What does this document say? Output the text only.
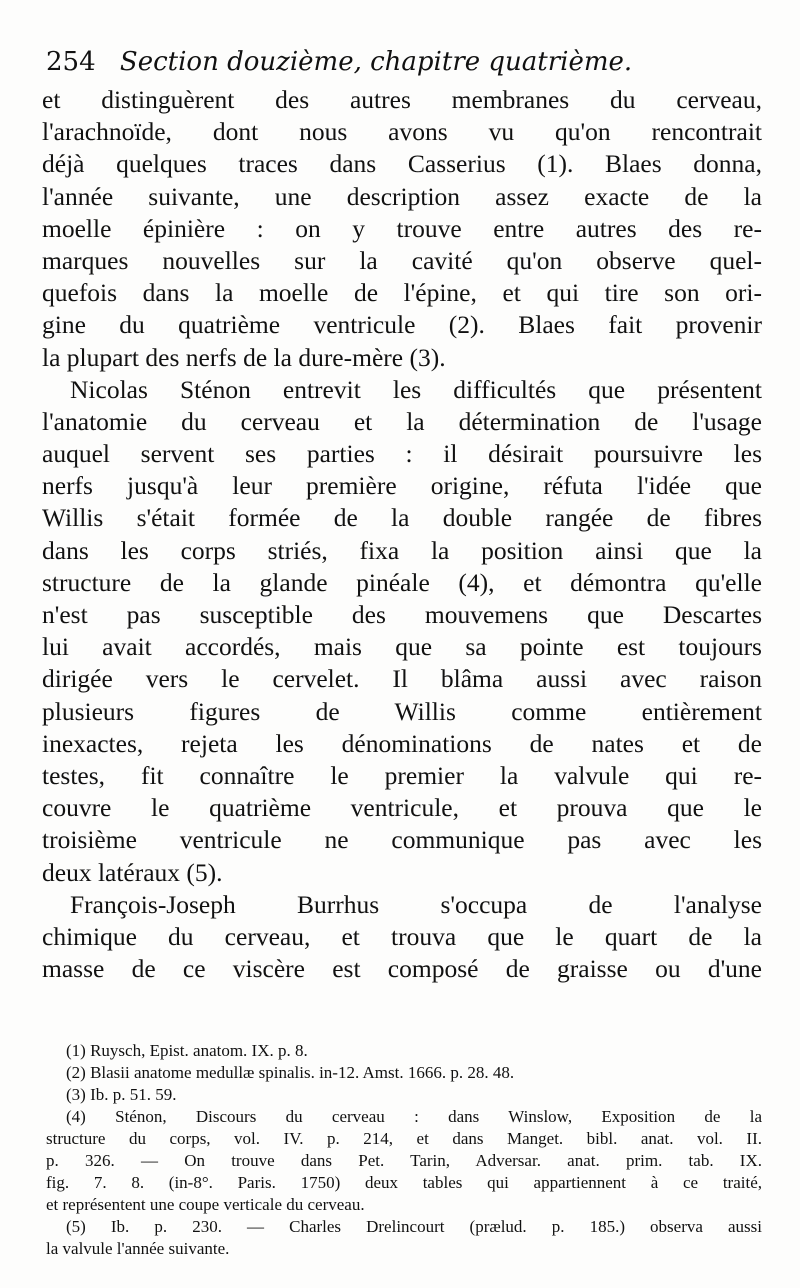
254 Section douzième, chapitre quatrième.
et distinguèrent des autres membranes du cerveau,
l'arachnoïde, dont nous avons vu qu'on rencontrait
déjà quelques traces dans Casserius (1). Blaes donna,
l'année suivante, une description assez exacte de la
moelle épinière : on y trouve entre autres des re-
marques nouvelles sur la cavité qu'on observe quel-
quefois dans la moelle de l'épine, et qui tire son ori-
gine du quatrième ventricule (2). Blaes fait provenir
la plupart des nerfs de la dure-mère (3).
Nicolas Sténon entrevit les difficultés que présentent
l'anatomie du cerveau et la détermination de l'usage
auquel servent ses parties : il désirait poursuivre les
nerfs jusqu'à leur première origine, réfuta l'idée que
Willis s'était formée de la double rangée de fibres
dans les corps striés, fixa la position ainsi que la
structure de la glande pinéale (4), et démontra qu'elle
n'est pas susceptible des mouvemens que Descartes
lui avait accordés, mais que sa pointe est toujours
dirigée vers le cervelet. Il blâma aussi avec raison
plusieurs figures de Willis comme entièrement
inexactes, rejeta les dénominations de nates et de
testes, fit connaître le premier la valvule qui re-
couvre le quatrième ventricule, et prouva que le
troisième ventricule ne communique pas avec les
deux latéraux (5).
François-Joseph Burrhus s'occupa de l'analyse
chimique du cerveau, et trouva que le quart de la
masse de ce viscère est composé de graisse ou d'une
(1) Ruysch, Epist. anatom. IX. p. 8.
(2) Blasii anatome medullæ spinalis. in-12. Amst. 1666. p. 28. 48.
(3) Ib. p. 51. 59.
(4) Sténon, Discours du cerveau : dans Winslow, Exposition de la
structure du corps, vol. IV. p. 214, et dans Manget. bibl. anat. vol. II.
p. 326. — On trouve dans Pet. Tarin, Adversar. anat. prim. tab. IX.
fig. 7. 8. (in-8°. Paris. 1750) deux tables qui appartiennent à ce traité,
et représentent une coupe verticale du cerveau.
(5) Ib. p. 230. — Charles Drelincourt (prælud. p. 185.) observa aussi
la valvule l'année suivante.
